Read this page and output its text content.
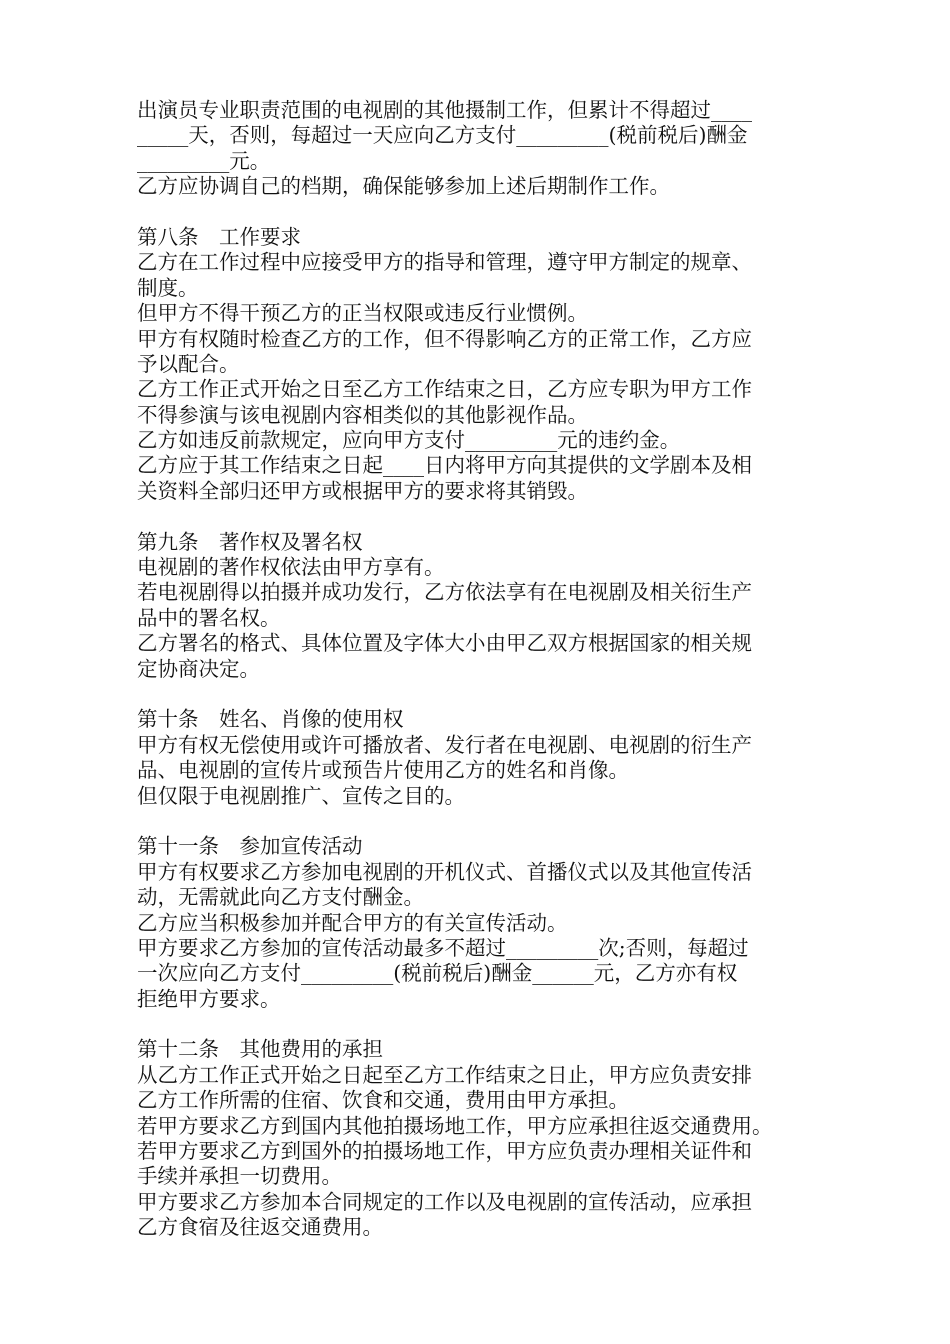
出演员专业职责范围的电视剧的其他摄制工作，但累计不得超过____
_____天，否则，每超过一天应向乙方支付_________(税前税后)酬金
_________元。
乙方应协调自己的档期，确保能够参加上述后期制作工作。
第八条　工作要求
乙方在工作过程中应接受甲方的指导和管理，遵守甲方制定的规章、
制度。
但甲方不得干预乙方的正当权限或违反行业惯例。
甲方有权随时检查乙方的工作，但不得影响乙方的正常工作，乙方应
予以配合。
乙方工作正式开始之日至乙方工作结束之日，乙方应专职为甲方工作
不得参演与该电视剧内容相类似的其他影视作品。
乙方如违反前款规定，应向甲方支付_________元的违约金。
乙方应于其工作结束之日起____日内将甲方向其提供的文学剧本及相
关资料全部归还甲方或根据甲方的要求将其销毁。
第九条　著作权及署名权
电视剧的著作权依法由甲方享有。
若电视剧得以拍摄并成功发行，乙方依法享有在电视剧及相关衍生产
品中的署名权。
乙方署名的格式、具体位置及字体大小由甲乙双方根据国家的相关规
定协商决定。
第十条　姓名、肖像的使用权
甲方有权无偿使用或许可播放者、发行者在电视剧、电视剧的衍生产
品、电视剧的宣传片或预告片使用乙方的姓名和肖像。
但仅限于电视剧推广、宣传之目的。
第十一条　参加宣传活动
甲方有权要求乙方参加电视剧的开机仪式、首播仪式以及其他宣传活
动，无需就此向乙方支付酬金。
乙方应当积极参加并配合甲方的有关宣传活动。
甲方要求乙方参加的宣传活动最多不超过_________次;否则，每超过
一次应向乙方支付_________(税前税后)酬金______元，乙方亦有权
拒绝甲方要求。
第十二条　其他费用的承担
从乙方工作正式开始之日起至乙方工作结束之日止，甲方应负责安排
乙方工作所需的住宿、饮食和交通，费用由甲方承担。
若甲方要求乙方到国内其他拍摄场地工作，甲方应承担往返交通费用。
若甲方要求乙方到国外的拍摄场地工作，甲方应负责办理相关证件和
手续并承担一切费用。
甲方要求乙方参加本合同规定的工作以及电视剧的宣传活动，应承担
乙方食宿及往返交通费用。
